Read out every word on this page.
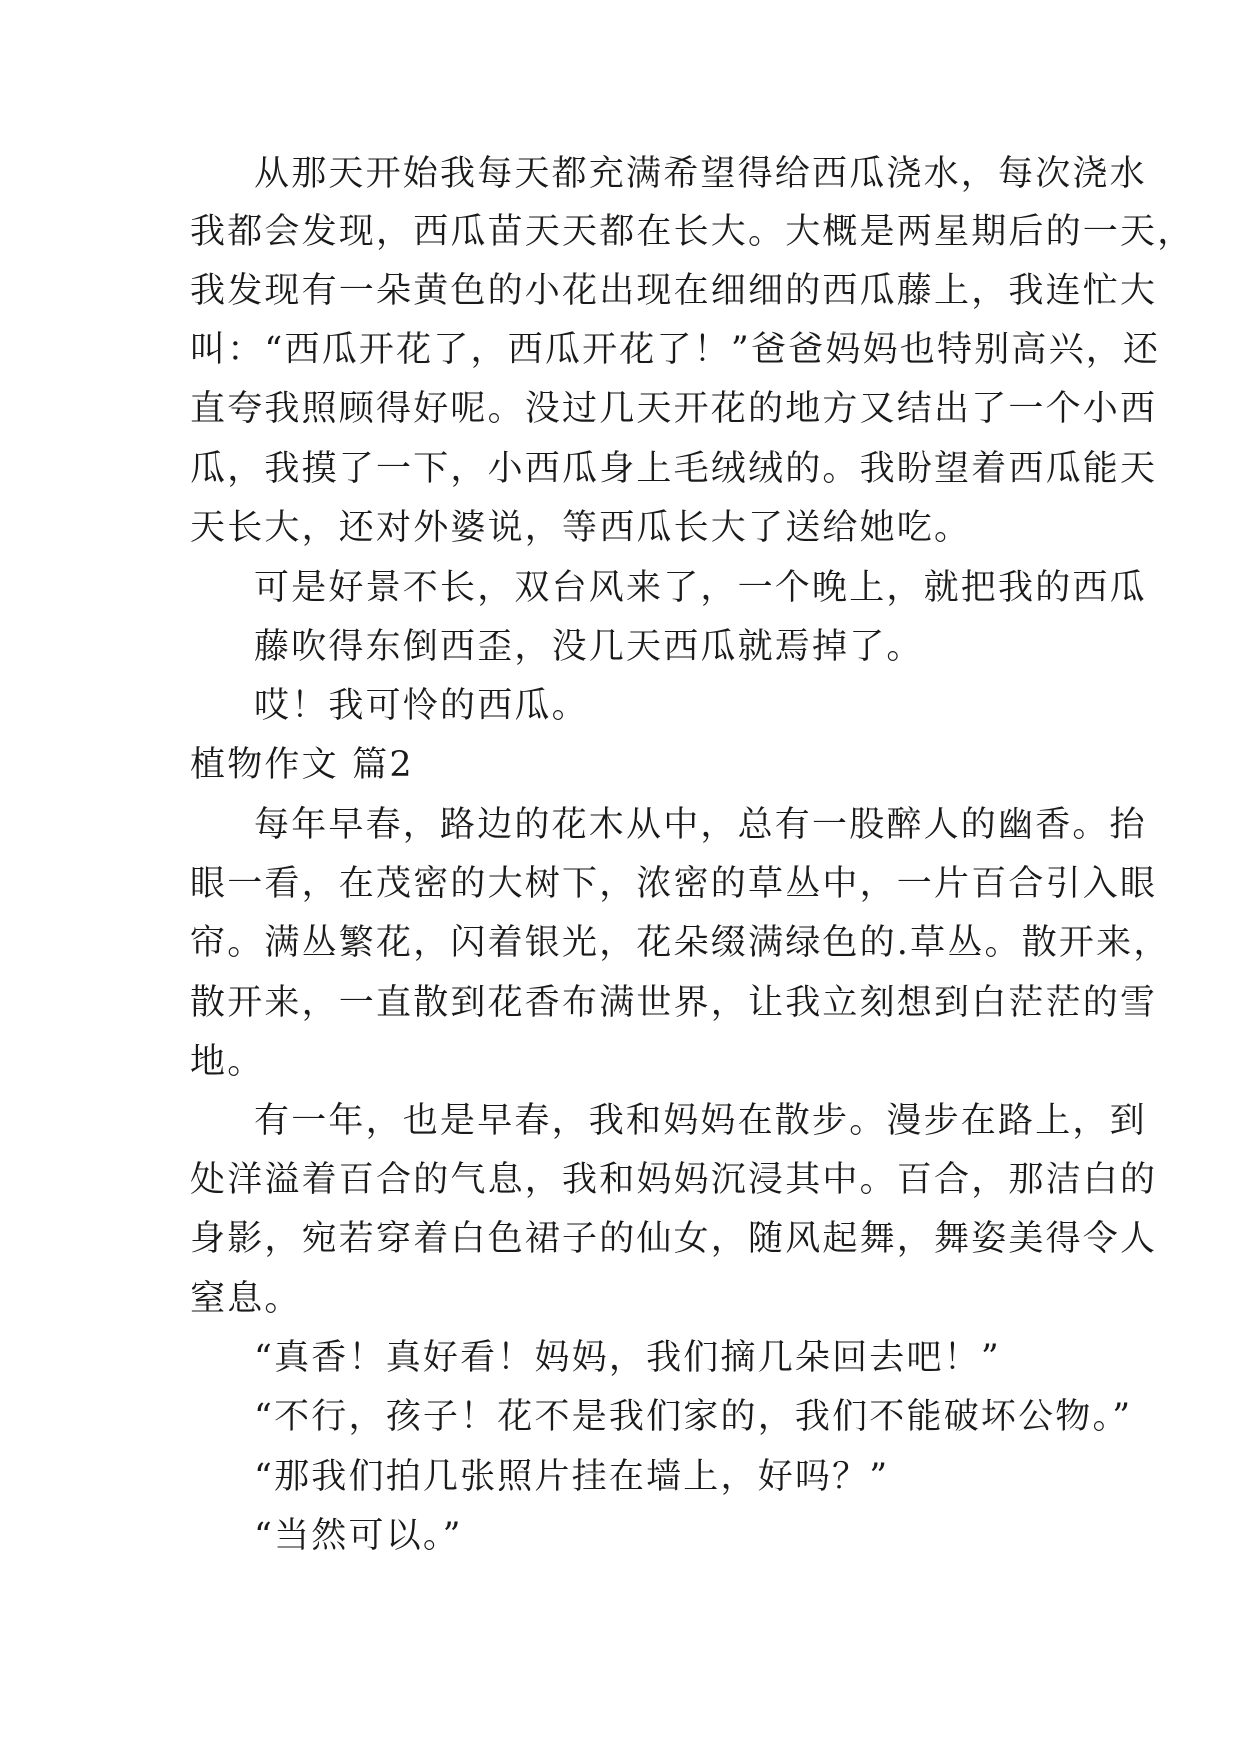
从那天开始我每天都充满希望得给西瓜浇水，每次浇水
我都会发现，西瓜苗天天都在长大。大概是两星期后的一天，
我发现有一朵黄色的小花出现在细细的西瓜藤上，我连忙大
叫：“西瓜开花了，西瓜开花了！”爸爸妈妈也特别高兴，还
直夸我照顾得好呢。没过几天开花的地方又结出了一个小西
瓜，我摸了一下，小西瓜身上毛绒绒的。我盼望着西瓜能天
天长大，还对外婆说，等西瓜长大了送给她吃。
可是好景不长，双台风来了，一个晚上，就把我的西瓜
藤吹得东倒西歪，没几天西瓜就焉掉了。
哎！我可怜的西瓜。
植物作文 篇2
每年早春，路边的花木从中，总有一股醉人的幽香。抬
眼一看，在茂密的大树下，浓密的草丛中，一片百合引入眼
帘。满丛繁花，闪着银光，花朵缀满绿色的.草丛。散开来，
散开来，一直散到花香布满世界，让我立刻想到白茫茫的雪
地。
有一年，也是早春，我和妈妈在散步。漫步在路上，到
处洋溢着百合的气息，我和妈妈沉浸其中。百合，那洁白的
身影，宛若穿着白色裙子的仙女，随风起舞，舞姿美得令人
窒息。
“真香！真好看！妈妈，我们摘几朵回去吧！”
“不行，孩子！花不是我们家的，我们不能破坏公物。”
“那我们拍几张照片挂在墙上，好吗？”
“当然可以。”
